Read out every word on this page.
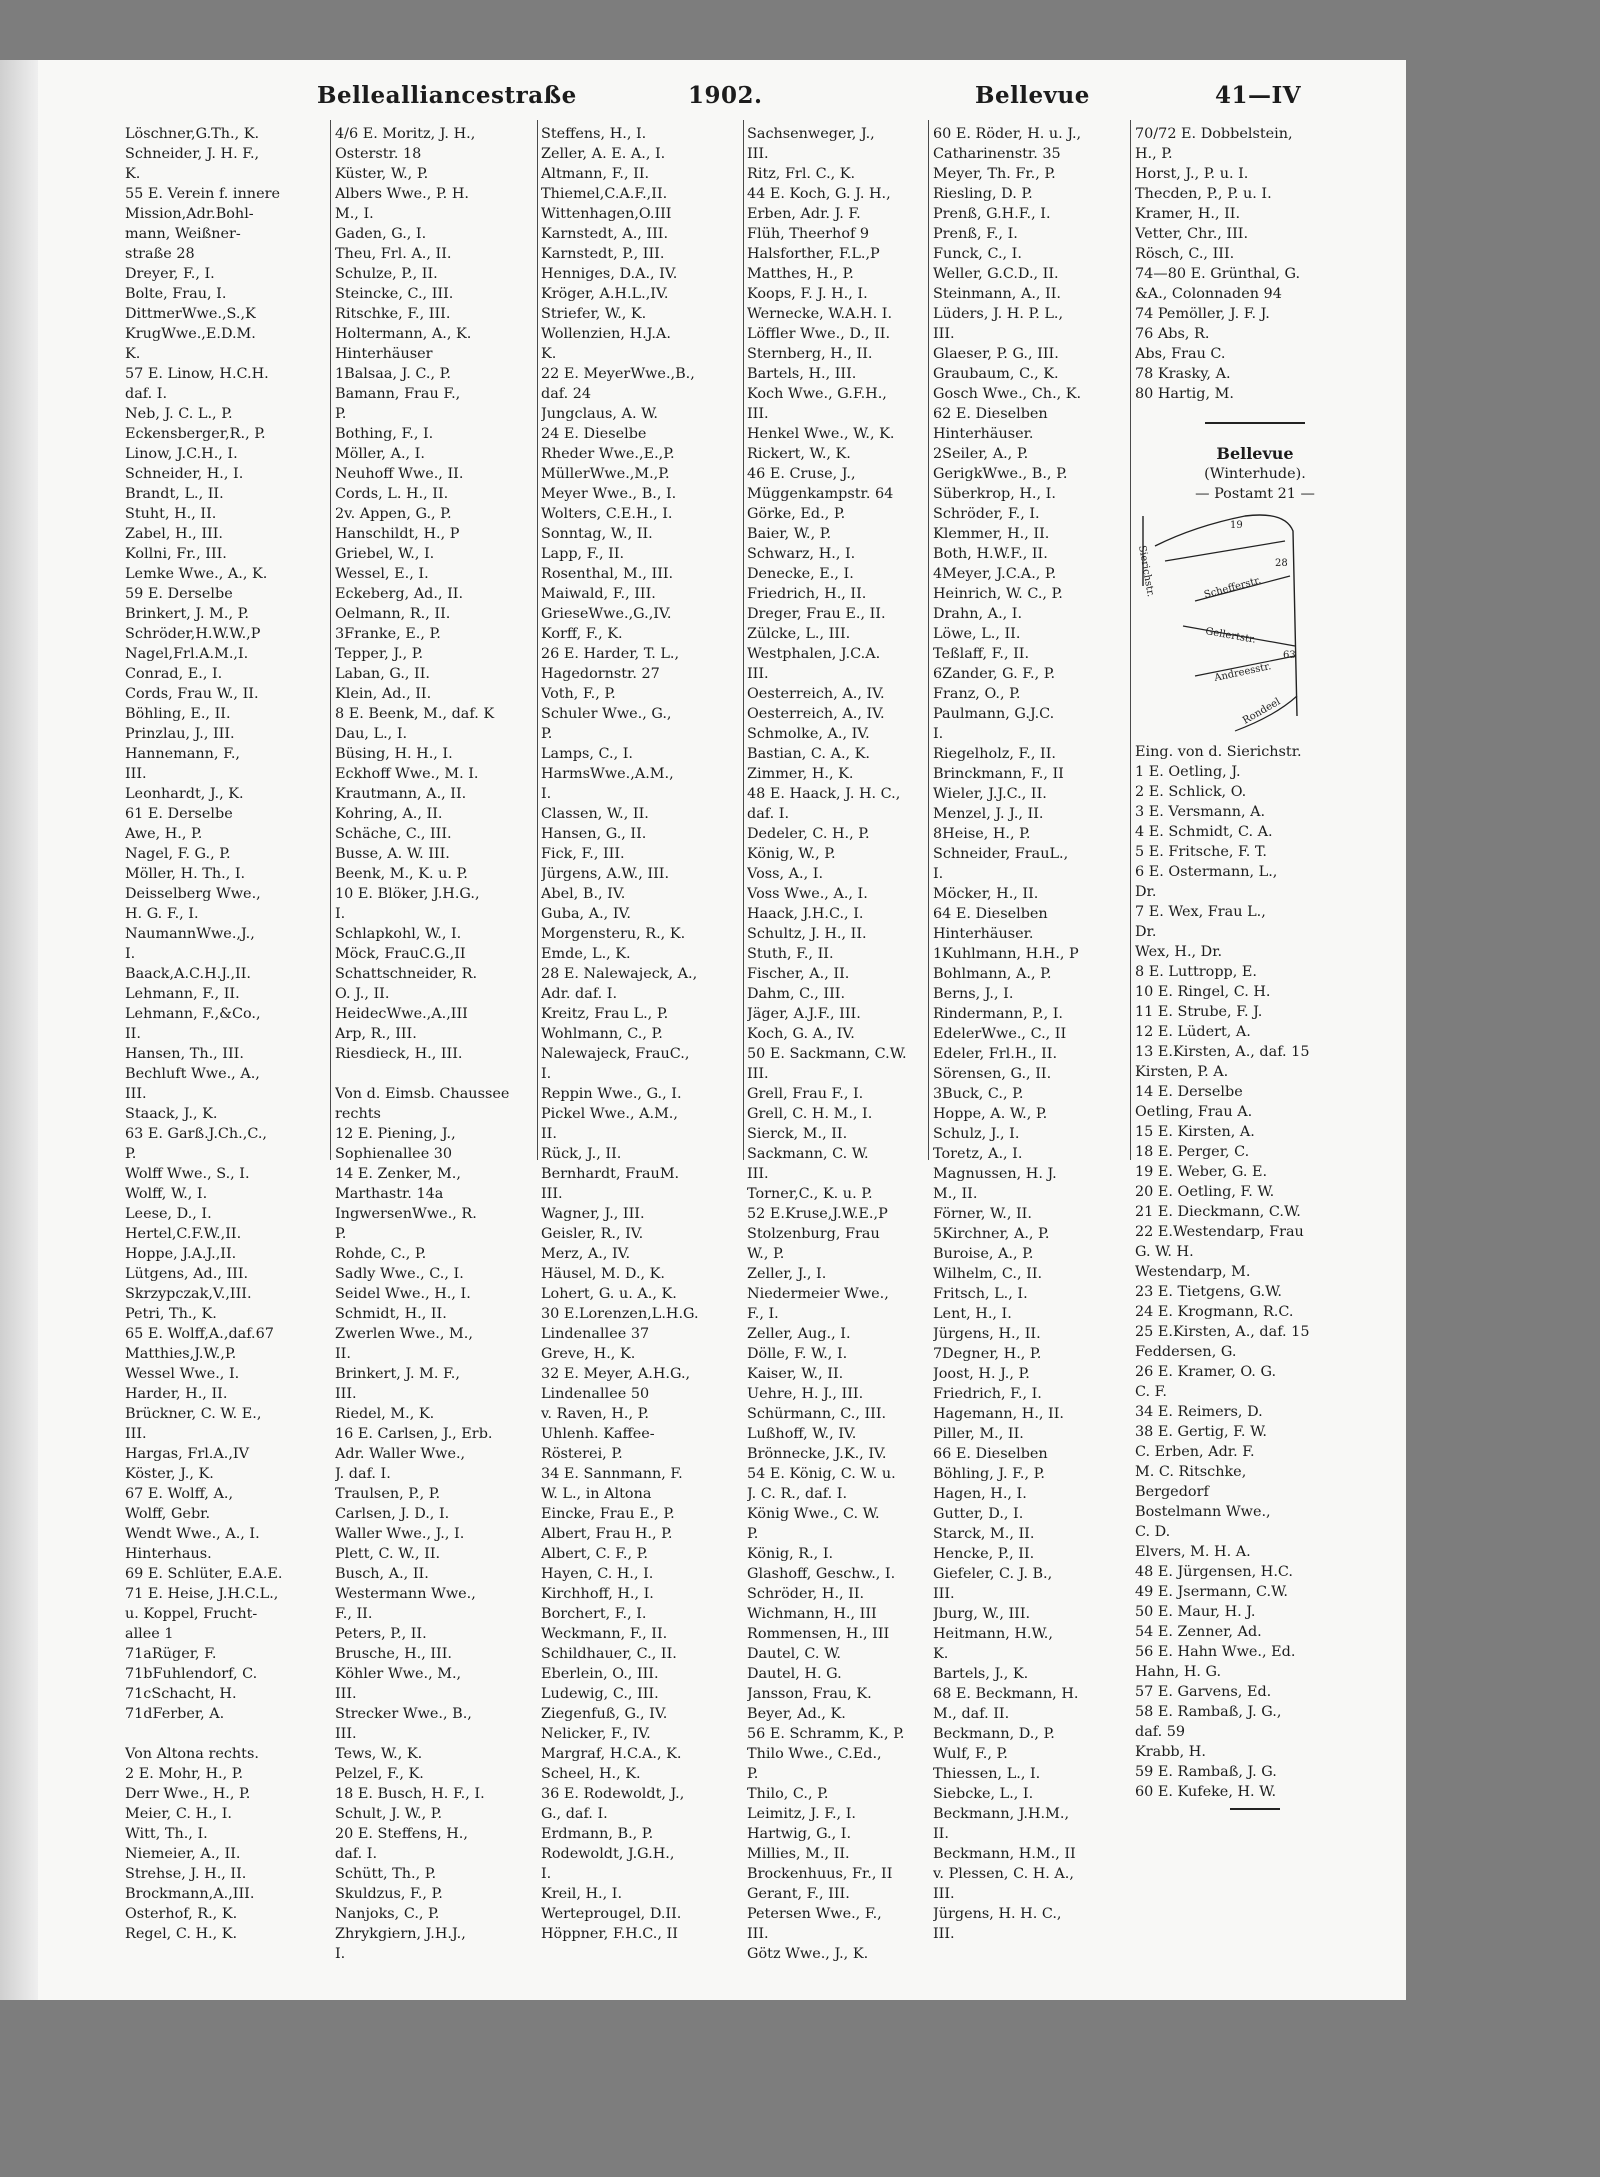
Bellealliancestraße	1902.	Bellevue	41—IV
Löschner,G.Th., K.
Schneider, J. H. F.,
K.
55 E. Verein f. innere
Mission,Adr.Bohl-
mann, Weißner-
straße 28
Dreyer, F., I.
Bolte, Frau, I.
DittmerWwe.,S.,K
KrugWwe.,E.D.M.
K.
57 E. Linow, H.C.H.
daf. I.
Neb, J. C. L., P.
Eckensberger,R., P.
Linow, J.C.H., I.
Schneider, H., I.
Brandt, L., II.
Stuht, H., II.
Zabel, H., III.
Kollni, Fr., III.
Lemke Wwe., A., K.
59 E. Derselbe
Brinkert, J. M., P.
Schröder,H.W.W.,P
Nagel,Frl.A.M.,I.
Conrad, E., I.
Cords, Frau W., II.
Böhling, E., II.
Prinzlau, J., III.
Hannemann, F.,
III.
Leonhardt, J., K.
61 E. Derselbe
Awe, H., P.
Nagel, F. G., P.
Möller, H. Th., I.
Deisselberg Wwe.,
H. G. F., I.
NaumannWwe.,J.,
I.
Baack,A.C.H.J.,II.
Lehmann, F., II.
Lehmann, F.,&Co.,
II.
Hansen, Th., III.
Bechluft Wwe., A.,
III.
Staack, J., K.
63 E. Garß.J.Ch.,C.,
P.
Wolff Wwe., S., I.
Wolff, W., I.
Leese, D., I.
Hertel,C.F.W.,II.
Hoppe, J.A.J.,II.
Lütgens, Ad., III.
Skrzypczak,V.,III.
Petri, Th., K.
65 E. Wolff,A.,daf.67
Matthies,J.W.,P.
Wessel Wwe., I.
Harder, H., II.
Brückner, C. W. E.,
III.
Hargas, Frl.A.,IV
Köster, J., K.
67 E. Wolff, A.,
Wolff, Gebr.
Wendt Wwe., A., I.
Hinterhaus.
69 E. Schlüter, E.A.E.
71 E. Heise, J.H.C.L.,
u. Koppel, Frucht-
allee 1
71aRüger, F.
71bFuhlendorf, C.
71cSchacht, H.
71dFerber, A.
Von Altona rechts.
2 E. Mohr, H., P.
Derr Wwe., H., P.
Meier, C. H., I.
Witt, Th., I.
Niemeier, A., II.
Strehse, J. H., II.
Brockmann,A.,III.
Osterhof, R., K.
Regel, C. H., K.
4/6 E. Moritz, J. H.,
Osterstr. 18
Küster, W., P.
Albers Wwe., P. H.
M., I.
Gaden, G., I.
Theu, Frl. A., II.
Schulze, P., II.
Steincke, C., III.
Ritschke, F., III.
Holtermann, A., K.
Hinterhäuser
1Balsaa, J. C., P.
Bamann, Frau F.,
P.
Bothing, F., I.
Möller, A., I.
Neuhoff Wwe., II.
Cords, L. H., II.
2v. Appen, G., P.
Hanschildt, H., P
Griebel, W., I.
Wessel, E., I.
Eckeberg, Ad., II.
Oelmann, R., II.
3Franke, E., P.
Tepper, J., P.
Laban, G., II.
Klein, Ad., II.
8 E. Beenk, M., daf. K
Dau, L., I.
Büsing, H. H., I.
Eckhoff Wwe., M. I.
Krautmann, A., II.
Kohring, A., II.
Schäche, C., III.
Busse, A. W. III.
Beenk, M., K. u. P.
10 E. Blöker, J.H.G.,
I.
Schlapkohl, W., I.
Möck, FrauC.G.,II
Schattschneider, R.
O. J., II.
HeidecWwe.,A.,III
Arp, R., III.
Riesdieck, H., III.
Von d. Eimsb. Chaussee
rechts
12 E. Piening, J.,
Sophienallee 30
14 E. Zenker, M.,
Marthastr. 14a
IngwersenWwe., R.
P.
Rohde, C., P.
Sadly Wwe., C., I.
Seidel Wwe., H., I.
Schmidt, H., II.
Zwerlen Wwe., M.,
II.
Brinkert, J. M. F.,
III.
Riedel, M., K.
16 E. Carlsen, J., Erb.
Adr. Waller Wwe.,
J. daf. I.
Traulsen, P., P.
Carlsen, J. D., I.
Waller Wwe., J., I.
Plett, C. W., II.
Busch, A., II.
Westermann Wwe.,
F., II.
Peters, P., II.
Brusche, H., III.
Köhler Wwe., M.,
III.
Strecker Wwe., B.,
III.
Tews, W., K.
Pelzel, F., K.
18 E. Busch, H. F., I.
Schult, J. W., P.
20 E. Steffens, H.,
daf. I.
Schütt, Th., P.
Skuldzus, F., P.
Nanjoks, C., P.
Zhrykgiern, J.H.J.,
I.
Steffens, H., I.
Zeller, A. E. A., I.
Altmann, F., II.
Thiemel,C.A.F.,II.
Wittenhagen,O.III
Karnstedt, A., III.
Karnstedt, P., III.
Henniges, D.A., IV.
Kröger, A.H.L.,IV.
Striefer, W., K.
Wollenzien, H.J.A.
K.
22 E. MeyerWwe.,B.,
daf. 24
Jungclaus, A. W.
24 E. Dieselbe
Rheder Wwe.,E.,P.
MüllerWwe.,M.,P.
Meyer Wwe., B., I.
Wolters, C.E.H., I.
Sonntag, W., II.
Lapp, F., II.
Rosenthal, M., III.
Maiwald, F., III.
GrieseWwe.,G.,IV.
Korff, F., K.
26 E. Harder, T. L.,
Hagedornstr. 27
Voth, F., P.
Schuler Wwe., G.,
P.
Lamps, C., I.
HarmsWwe.,A.M.,
I.
Classen, W., II.
Hansen, G., II.
Fick, F., III.
Jürgens, A.W., III.
Abel, B., IV.
Guba, A., IV.
Morgensteru, R., K.
Emde, L., K.
28 E. Nalewajeck, A.,
Adr. daf. I.
Kreitz, Frau L., P.
Wohlmann, C., P.
Nalewajeck, FrauC.,
I.
Reppin Wwe., G., I.
Pickel Wwe., A.M.,
II.
Rück, J., II.
Bernhardt, FrauM.
III.
Wagner, J., III.
Geisler, R., IV.
Merz, A., IV.
Häusel, M. D., K.
Lohert, G. u. A., K.
30 E.Lorenzen,L.H.G.
Lindenallee 37
Greve, H., K.
32 E. Meyer, A.H.G.,
Lindenallee 50
v. Raven, H., P.
Uhlenh. Kaffee-
Rösterei, P.
34 E. Sannmann, F.
W. L., in Altona
Eincke, Frau E., P.
Albert, Frau H., P.
Albert, C. F., P.
Hayen, C. H., I.
Kirchhoff, H., I.
Borchert, F., I.
Weckmann, F., II.
Schildhauer, C., II.
Eberlein, O., III.
Ludewig, C., III.
Ziegenfuß, G., IV.
Nelicker, F., IV.
Margraf, H.C.A., K.
Scheel, H., K.
36 E. Rodewoldt, J.,
G., daf. I.
Erdmann, B., P.
Rodewoldt, J.G.H.,
I.
Kreil, H., I.
Werteprougel, D.II.
Höppner, F.H.C., II
Sachsenweger, J.,
III.
Ritz, Frl. C., K.
44 E. Koch, G. J. H.,
Erben, Adr. J. F.
Flüh, Theerhof 9
Halsforther, F.L.,P
Matthes, H., P.
Koops, F. J. H., I.
Wernecke, W.A.H. I.
Löffler Wwe., D., II.
Sternberg, H., II.
Bartels, H., III.
Koch Wwe., G.F.H.,
III.
Henkel Wwe., W., K.
Rickert, W., K.
46 E. Cruse, J.,
Müggenkampstr. 64
Görke, Ed., P.
Baier, W., P.
Schwarz, H., I.
Denecke, E., I.
Friedrich, H., II.
Dreger, Frau E., II.
Zülcke, L., III.
Westphalen, J.C.A.
III.
Oesterreich, A., IV.
Oesterreich, A., IV.
Schmolke, A., IV.
Bastian, C. A., K.
Zimmer, H., K.
48 E. Haack, J. H. C.,
daf. I.
Dedeler, C. H., P.
König, W., P.
Voss, A., I.
Voss Wwe., A., I.
Haack, J.H.C., I.
Schultz, J. H., II.
Stuth, F., II.
Fischer, A., II.
Dahm, C., III.
Jäger, A.J.F., III.
Koch, G. A., IV.
50 E. Sackmann, C.W.
III.
Grell, Frau F., I.
Grell, C. H. M., I.
Sierck, M., II.
Sackmann, C. W.
III.
Torner,C., K. u. P.
52 E.Kruse,J.W.E.,P
Stolzenburg, Frau
W., P.
Zeller, J., I.
Niedermeier Wwe.,
F., I.
Zeller, Aug., I.
Dölle, F. W., I.
Kaiser, W., II.
Uehre, H. J., III.
Schürmann, C., III.
Lußhoff, W., IV.
Brönnecke, J.K., IV.
54 E. König, C. W. u.
J. C. R., daf. I.
König Wwe., C. W.
P.
König, R., I.
Glashoff, Geschw., I.
Schröder, H., II.
Wichmann, H., III
Rommensen, H., III
Dautel, C. W.
Dautel, H. G.
Jansson, Frau, K.
Beyer, Ad., K.
56 E. Schramm, K., P.
Thilo Wwe., C.Ed.,
P.
Thilo, C., P.
Leimitz, J. F., I.
Hartwig, G., I.
Millies, M., II.
Brockenhuus, Fr., II
Gerant, F., III.
Petersen Wwe., F.,
III.
Götz Wwe., J., K.
60 E. Röder, H. u. J.,
Catharinenstr. 35
Meyer, Th. Fr., P.
Riesling, D. P.
Prenß, G.H.F., I.
Prenß, F., I.
Funck, C., I.
Weller, G.C.D., II.
Steinmann, A., II.
Lüders, J. H. P. L.,
III.
Glaeser, P. G., III.
Graubaum, C., K.
Gosch Wwe., Ch., K.
62 E. Dieselben
Hinterhäuser.
2Seiler, A., P.
GerigkWwe., B., P.
Süberkrop, H., I.
Schröder, F., I.
Klemmer, H., II.
Both, H.W.F., II.
4Meyer, J.C.A., P.
Heinrich, W. C., P.
Drahn, A., I.
Löwe, L., II.
Teßlaff, F., II.
6Zander, G. F., P.
Franz, O., P.
Paulmann, G.J.C.
I.
Riegelholz, F., II.
Brinckmann, F., II
Wieler, J.J.C., II.
Menzel, J. J., II.
8Heise, H., P.
Schneider, FrauL.,
I.
Möcker, H., II.
64 E. Dieselben
Hinterhäuser.
1Kuhlmann, H.H., P
Bohlmann, A., P.
Berns, J., I.
Rindermann, P., I.
EdelerWwe., C., II
Edeler, Frl.H., II.
Sörensen, G., II.
3Buck, C., P.
Hoppe, A. W., P.
Schulz, J., I.
Toretz, A., I.
Magnussen, H. J.
M., II.
Förner, W., II.
5Kirchner, A., P.
Buroise, A., P.
Wilhelm, C., II.
Fritsch, L., I.
Lent, H., I.
Jürgens, H., II.
7Degner, H., P.
Joost, H. J., P.
Friedrich, F., I.
Hagemann, H., II.
Piller, M., II.
66 E. Dieselben
Böhling, J. F., P.
Hagen, H., I.
Gutter, D., I.
Starck, M., II.
Hencke, P., II.
Giefeler, C. J. B.,
III.
Jburg, W., III.
Heitmann, H.W.,
K.
Bartels, J., K.
68 E. Beckmann, H.
M., daf. II.
Beckmann, D., P.
Wulf, F., P.
Thiessen, L., I.
Siebcke, L., I.
Beckmann, J.H.M.,
II.
Beckmann, H.M., II
v. Plessen, C. H. A.,
III.
Jürgens, H. H. C.,
III.
70/72 E. Dobbelstein,
H., P.
Horst, J., P. u. I.
Thecden, P., P. u. I.
Kramer, H., II.
Vetter, Chr., III.
Rösch, C., III.
74—80 E. Grünthal, G.
&A., Colonnaden 94
74 Pemöller, J. F. J.
76 Abs, R.
Abs, Frau C.
78 Krasky, A.
80 Hartig, M.
Bellevue
(Winterhude).
— Postamt 21 —
Sierichstr.
19
28
Schefferstr.
Gellertstr.
63
Andreesstr.
Rondeel
Eing. von d. Sierichstr.
1 E. Oetling, J.
2 E. Schlick, O.
3 E. Versmann, A.
4 E. Schmidt, C. A.
5 E. Fritsche, F. T.
6 E. Ostermann, L.,
Dr.
7 E. Wex, Frau L.,
Dr.
Wex, H., Dr.
8 E. Luttropp, E.
10 E. Ringel, C. H.
11 E. Strube, F. J.
12 E. Lüdert, A.
13 E.Kirsten, A., daf. 15
Kirsten, P. A.
14 E. Derselbe
Oetling, Frau A.
15 E. Kirsten, A.
18 E. Perger, C.
19 E. Weber, G. E.
20 E. Oetling, F. W.
21 E. Dieckmann, C.W.
22 E.Westendarp, Frau
G. W. H.
Westendarp, M.
23 E. Tietgens, G.W.
24 E. Krogmann, R.C.
25 E.Kirsten, A., daf. 15
Feddersen, G.
26 E. Kramer, O. G.
C. F.
34 E. Reimers, D.
38 E. Gertig, F. W.
C. Erben, Adr. F.
M. C. Ritschke,
Bergedorf
Bostelmann Wwe.,
C. D.
Elvers, M. H. A.
48 E. Jürgensen, H.C.
49 E. Jsermann, C.W.
50 E. Maur, H. J.
54 E. Zenner, Ad.
56 E. Hahn Wwe., Ed.
Hahn, H. G.
57 E. Garvens, Ed.
58 E. Rambaß, J. G.,
daf. 59
Krabb, H.
59 E. Rambaß, J. G.
60 E. Kufeke, H. W.
